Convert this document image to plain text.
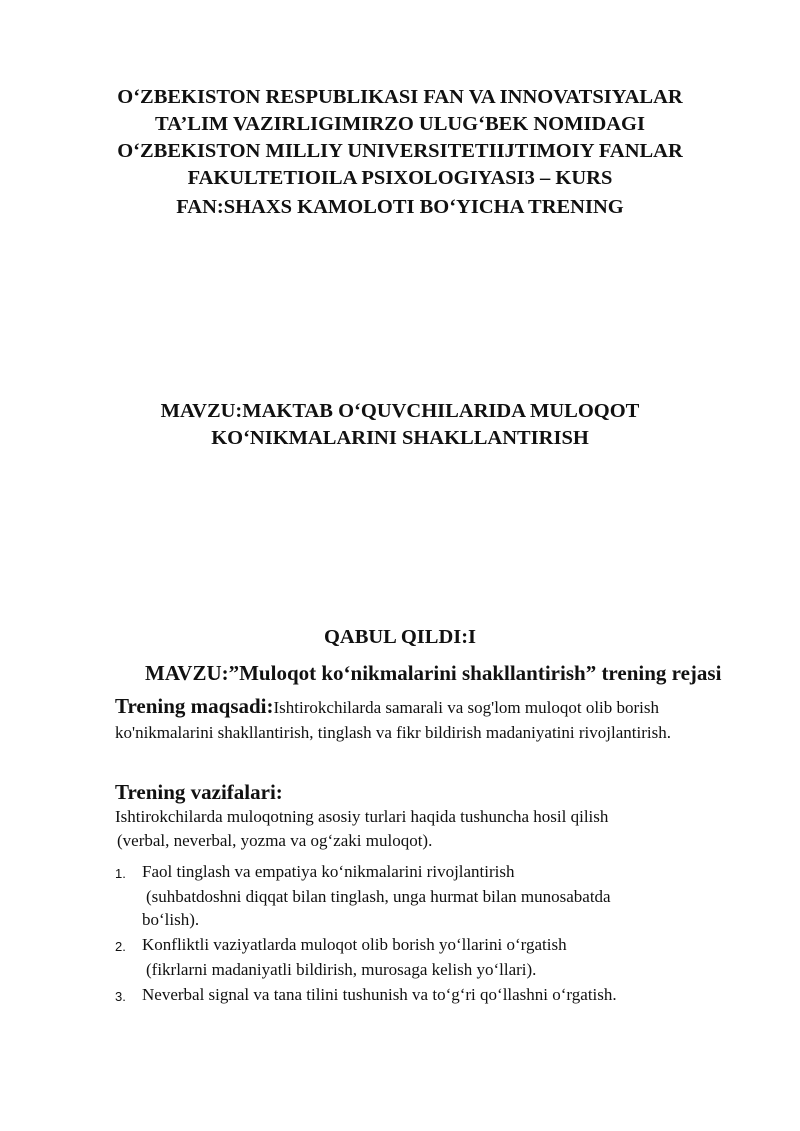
O‘ZBEKISTON RESPUBLIKASI FAN VA INNOVATSIYALAR
TA’LIM VAZIRLIGIMIRZO ULUG‘BEK NOMIDAGI
O‘ZBEKISTON MILLIY UNIVERSITETIIJTIMOIY FANLAR
FAKULTETIOILA PSIXOLOGIYASI3 – KURS
FAN:SHAXS KAMOLOTI BO‘YICHA TRENING
MAVZU:MAKTAB O‘QUVCHILARIDA MULOQOT
KO‘NIKMALARINI SHAKLLANTIRISH
QABUL QILDI:I
MAVZU:”Muloqot ko‘nikmalarini shakllantirish” trening rejasi
Trening maqsadi:Ishtirokchilarda samarali va sog'lom muloqot olib borish ko'nikmalarini shakllantirish, tinglash va fikr bildirish madaniyatini rivojlantirish.
Trening vazifalari:
Ishtirokchilarda muloqotning asosiy turlari haqida tushuncha hosil qilish
(verbal, neverbal, yozma va og‘zaki muloqot).
1. Faol tinglash va empatiya ko‘nikmalarini rivojlantirish
(suhbatdoshni diqqat bilan tinglash, unga hurmat bilan munosabatda
bo‘lish).
2. Konfliktli vaziyatlarda muloqot olib borish yo‘llarini o‘rgatish
(fikrlarni madaniyatli bildirish, murosaga kelish yo‘llari).
3. Neverbal signal va tana tilini tushunish va to‘g‘ri qo‘llashni o‘rgatish.
